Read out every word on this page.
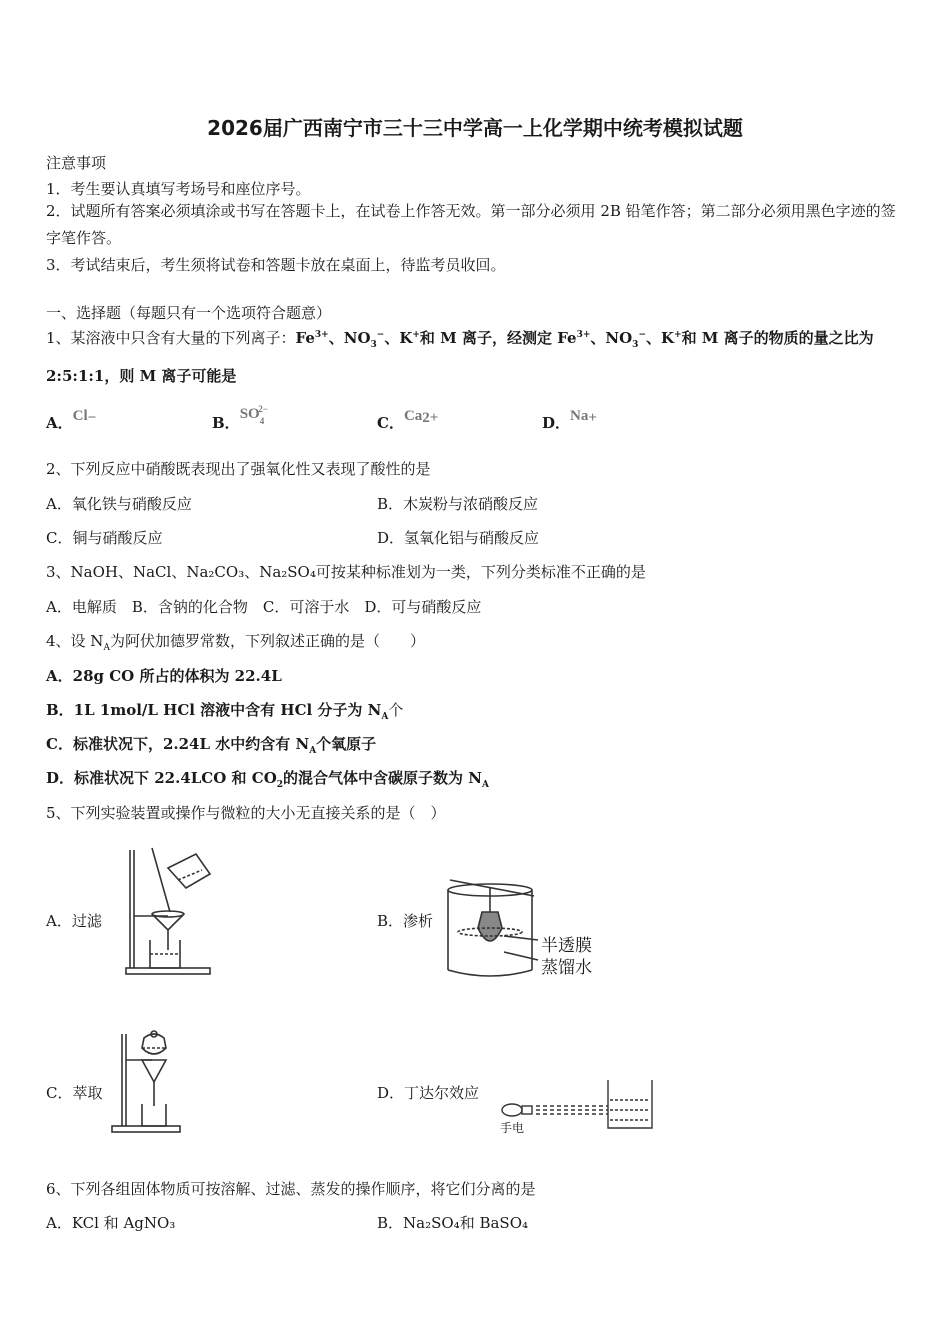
2026届广西南宁市三十三中学高一上化学期中统考模拟试题
注意事项
1．考生要认真填写考场号和座位序号。
2．试题所有答案必须填涂或书写在答题卡上，在试卷上作答无效。第一部分必须用 2B 铅笔作答；第二部分必须用黑色字迹的签字笔作答。
3．考试结束后，考生须将试卷和答题卡放在桌面上，待监考员收回。
一、选择题（每题只有一个选项符合题意）
1、某溶液中只含有大量的下列离子：$Fe^{3+}$、$NO_3^-$、K+和 M 离子，经测定 $Fe^{3+}$、$NO_3^-$、K+和 M 离子的物质的量之比为
2:5:1:1，则 M 离子可能是
A．Cl−	B．$SO^{42-}$
C．$Ca^{2+}$	D．Na+
2、下列反应中硝酸既表现出了强氧化性又表现了酸性的是
A．氧化铁与硝酸反应	B．木炭粉与浓硝酸反应
C．铜与硝酸反应	D．氢氧化铝与硝酸反应
3、NaOH、NaCl、Na₂CO₃、Na₂SO₄可按某种标准划为一类，下列分类标准不正确的是
A．电解质　B．含钠的化合物　C．可溶于水　D．可与硝酸反应
4、设 $N_A$为阿伏加德罗常数，下列叙述正确的是（　　）
A．28g CO 所占的体积为 22.4L
B．1L 1mol/L HCl 溶液中含有 HCl 分子为 $N_A$个
C．标准状况下，2.24L 水中约含有 $N_A$个氧原子
D．标准状况下 22.4LCO 和 $CO_2$的混合气体中含碳原子数为 $N_A$
5、下列实验装置或操作与微粒的大小无直接关系的是（　）
A．过滤	B．渗析
半透膜
蒸馏水
C．萃取	D．丁达尔效应
手电
6、下列各组固体物质可按溶解、过滤、蒸发的操作顺序，将它们分离的是
A．KCl 和 AgNO₃	B．Na₂SO₄和 BaSO₄
